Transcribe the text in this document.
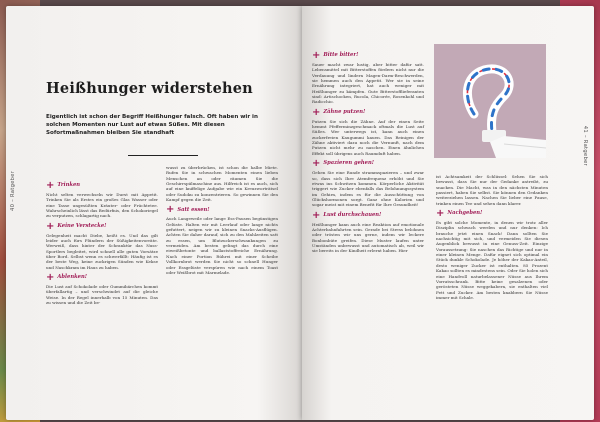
40 – Ratgeber
41 – Ratgeber
Heißhunger widerstehen
Eigentlich ist schon der Begriff Heißhunger falsch. Oft haben wir in solchen Momenten nur Lust auf etwas Süßes. Mit diesen Sofortmaßnahmen bleiben Sie standhaft
+ Trinken

Nicht selten verwechseln wir Durst mit Appetit. Trinken Sie als Erstes ein großes Glas Wasser oder eine Tasse ungesüßten Kräuter- oder Früchtetee. Wahrscheinlich lässt das Bedürfnis, den Schokoriegel zu verputzen, schlagartig nach.

+ Keine Verstecke!

Gelegenheit macht Diebe, heißt es. Und das gilt leider auch fürs Plündern der Süßigkeitenvorräte. Werweiß, dass hinter der Schranktür das Nuss-Sportlers begleitet, wird schnell alle guten Vorsätze über Bord. Selbst wenn es schwerfällt: Häufig ist es der beste Weg, keine zuckrigen Sünden wie Kekse und Naschkram im Haus zu haben.

+ Ablenken!

Die Lust auf Schokolade oder Gummibärchen kommt überfallartig – und verschwindet auf die gleiche Weise. In der Regel innerhalb von 15 Minuten. Das zu wissen und die Zeit be-

wusst zu überbrücken, ist schon die halbe Miete. Rufen Sie in schwachen Momenten einen lieben Menschen an oder räumen Sie die Geschirrspülmaschine aus. Hilfreich ist es auch, sich auf eine kniffelige Aufgabe wie ein Kreuzworträtsel oder Sudoku zu konzentrieren. So gewinnen Sie den Kampf gegen die Zeit.

+ Satt essen!

Auch Langeweile oder lange Ess-Pausen begünstigen Gelüste. Halten wir mit Leerlauf oder lange nichts gefuttert, neigen wir zu kleinen Snacks-Ausflügen. Achten Sie daher darauf, sich zu den Mahlzeiten satt zu essen, um Blutzuckerschwankungen zu vermeiden. Am besten gelingt das durch eine eiweißbetonte und ballaststoffreiche Ernährung. Nach einer Portion Rührei mit einer Scheibe Vollkornbrot werden Sie nicht so schnell Hunger oder Essgelüste verspüren wie nach einem Toast oder Weißbrot mit Marmelade.

+ Bitte bitter!

Sauer macht zwar lustig, aber bitter dafür satt. Lebensmittel mit Bitterstoffen fördern nicht nur die Verdauung und lindern Magen-Darm-Beschwerden, sie hemmen auch den Appetit. Wer sie in seine Ernährung integriert, hat auch weniger mit Heißhunger zu kämpfen. Gute Bitterstofflieferanten sind: Artischocken, Rucola, Chicorée, Rosenkohl und Radicchio.

+ Zähne putzen!

Putzen Sie sich die Zähne. Auf der einen Seite hemmt Pfefferminzgeschmack oftmals die Lust auf Süßes. Wer unterwegs ist, kann auch einen zuckerfreien Kaugummi kauen. Das Reinigen der Zähne aktiviert dazu noch die Vernunft, nach dem Putzen nicht mehr zu naschen. Einen ähnlichen Effekt soll übrigens auch Raumduft haben.

+ Spazieren gehen!

Gehen Sie eine Runde strammspazieren – und zwar so, dass sich Ihre Atemfrequenz erhöht und Sie etwas ins Schwitzen kommen. Körperliche Aktivität triggert wie Zucker ebenfalls das Belohnungssystem im Gehirn, indem es für die Ausschüttung von Glückshormonen sorgt. Ganz ohne Kalorien und sogar meist mit einem Benefit für Ihre Gesundheit!

+ Lust durchschauen!

Heißhunger kann auch eine Reaktion auf emotionale Achterbahnfahrten sein. Gerade bei Stress belohnen oder trösten wir uns gerne, indem wir leckere Bonbonbüte greifen. Diese Muster laufen unter Umständen unbewusst und automatisch ab, weil wir sie bereits in der Kindheit erlernt haben. Hier

ist Achtsamkeit der Schlüssel: Sehen Sie sich bewusst, dass Sie nur der Gedanke antreibt, zu snacken. Die Macht, was in den nächsten Minuten passiert, haben Sie selbst. Sie können den Gedanken weiterziehen lassen. Nachen Sie lieber eine Pause, trinken einen Tee und sehen dann klarer.

+ Nachgeben!

Es gibt solche Momente, in denen wir trotz aller Disziplin schwach werden und nur denken: Ich brauche jetzt einen Snack! Dann sollten Sie nachsichtig mit sich, und vermeiden Sie diesen Augenblick bewusst in eine Genuss-Zeit. Einzige Voraussetzung: Sie naschen das Richtige und nur in einer kleinen Menge. Dafür eignet sich optimal ein Stück dunkle Schokolade. Je höher der Kakao-Anteil, desto weniger Zucker ist enthalten. 85 Prozent Kakao sollten es mindestens sein. Oder Sie holen sich eine Handvoll naturbelassener Nüsse aus Ihrem Vorratsschrank. Bitte keine gesalzenen oder gerösteten Nüsse weggekabern, sie enthalten viel Fett und Zucker. Am besten knabbern Sie Nüsse immer mit Schale.
